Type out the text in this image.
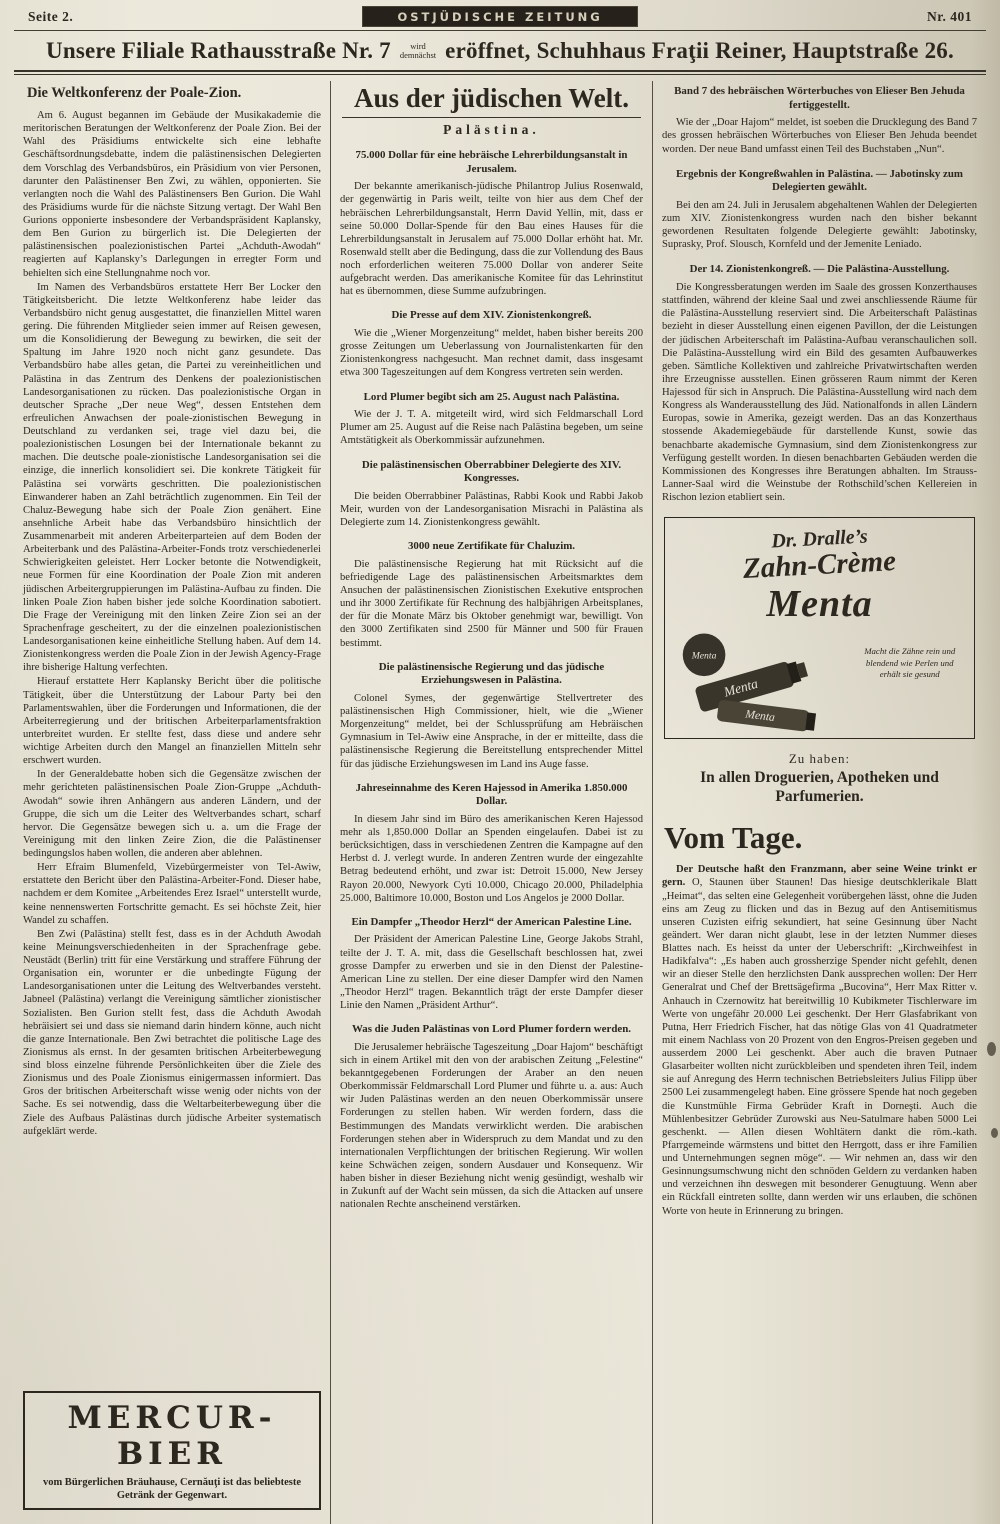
Seite 2.	OSTJÜDISCHE ZEITUNG	Nr. 401
Unsere Filiale Rathausstraße Nr. 7 wird
demnächst eröffnet, Schuhhaus Fraţii Reiner, Hauptstraße 26.
Die Weltkonferenz der Poale-Zion.

Am 6. August begannen im Gebäude der Musikakademie die meritorischen Beratungen der Weltkonferenz der Poale Zion. Bei der Wahl des Präsidiums entwickelte sich eine lebhafte Geschäftsordnungsdebatte, indem die palästinensischen Delegierten dem Vorschlag des Verbandsbüros, ein Präsidium von vier Personen, darunter den Palästinenser Ben Zwi, zu wählen, opponierten. Sie verlangten noch die Wahl des Palästinensers Ben Gurion. Die Wahl des Präsidiums wurde für die nächste Sitzung vertagt. Der Wahl Ben Gurions opponierte insbesondere der Verbandspräsident Kaplansky, dem Ben Gurion zu bürgerlich ist. Die Delegierten der palästinensischen poalezionistischen Partei „Achduth-Awodah“ reagierten auf Kaplansky’s Darlegungen in erregter Form und behielten sich eine Stellungnahme noch vor.

Im Namen des Verbandsbüros erstattete Herr Ber Locker den Tätigkeitsbericht. Die letzte Weltkonferenz habe leider das Verbandsbüro nicht genug ausgestattet, die finanziellen Mittel waren gering. Die führenden Mitglieder seien immer auf Reisen gewesen, um die Konsolidierung der Bewegung zu bewirken, die seit der Spaltung im Jahre 1920 noch nicht ganz gesundete. Das Verbandsbüro habe alles getan, die Partei zu vereinheitlichen und Palästina in das Zentrum des Denkens der poalezionistischen Landesorganisationen zu rücken. Das poalezionistische Organ in deutscher Sprache „Der neue Weg“, dessen Entstehen dem erfreulichen Anwachsen der poale-zionistischen Bewegung in Deutschland zu verdanken sei, trage viel dazu bei, die poalezionistischen Losungen bei der Internationale bekannt zu machen. Die deutsche poale-zionistische Landesorganisation sei die einzige, die innerlich konsolidiert sei. Die konkrete Tätigkeit für Palästina sei vorwärts geschritten. Die poalezionistischen Einwanderer haben an Zahl beträchtlich zugenommen. Ein Teil der Chaluz-Bewegung habe sich der Poale Zion genähert. Eine ansehnliche Arbeit habe das Verbandsbüro hinsichtlich der Zusammenarbeit mit anderen Arbeiterparteien auf dem Boden der Arbeiterbank und des Palästina-Arbeiter-Fonds trotz verschiedenerlei Schwierigkeiten geleistet. Herr Locker betonte die Notwendigkeit, neue Formen für eine Koordination der Poale Zion mit anderen jüdischen Arbeitergruppierungen im Palästina-Aufbau zu finden. Die linken Poale Zion haben bisher jede solche Koordination sabotiert. Die Frage der Vereinigung mit den linken Zeire Zion sei an der Sprachenfrage gescheitert, zu der die einzelnen poalezionistischen Landesorganisationen keine einheitliche Stellung haben. Auf dem 14. Zionistenkongress werden die Poale Zion in der Jewish Agency-Frage ihre bisherige Haltung verfechten.

Hierauf erstattete Herr Kaplansky Bericht über die politische Tätigkeit, über die Unterstützung der Labour Party bei den Parlamentswahlen, über die Forderungen und Informationen, die der Arbeiterregierung und der britischen Arbeiterparlamentsfraktion unterbreitet wurden. Er stellte fest, dass diese und andere sehr wichtige Arbeiten durch den Mangel an finanziellen Mitteln sehr erschwert wurden.

In der Generaldebatte hoben sich die Gegensätze zwischen der mehr gerichteten palästinensischen Poale Zion-Gruppe „Achduth-Awodah“ sowie ihren Anhängern aus anderen Ländern, und der Gruppe, die sich um die Leiter des Weltverbandes schart, scharf hervor. Die Gegensätze bewegen sich u. a. um die Frage der Vereinigung mit den linken Zeire Zion, die die Palästinenser bedingungslos haben wollen, die anderen aber ablehnen.

Herr Efraim Blumenfeld, Vizebürgermeister von Tel-Awiw, erstattete den Bericht über den Palästina-Arbeiter-Fond. Dieser habe, nachdem er dem Komitee „Arbeitendes Erez Israel“ unterstellt wurde, keine nennenswerten Fortschritte gemacht. Es sei höchste Zeit, hier Wandel zu schaffen.

Ben Zwi (Palästina) stellt fest, dass es in der Achduth Awodah keine Meinungsverschiedenheiten in der Sprachenfrage gebe. Neustädt (Berlin) tritt für eine Verstärkung und straffere Führung der Organisation ein, worunter er die unbedingte Fügung der Landesorganisationen unter die Leitung des Weltverbandes versteht. Jabneel (Palästina) verlangt die Vereinigung sämtlicher zionistischer Sozialisten. Ben Gurion stellt fest, dass die Achduth Awodah hebräisiert sei und dass sie niemand darin hindern könne, auch nicht die ganze Internationale. Ben Zwi betrachtet die politische Lage des Zionismus als ernst. In der gesamten britischen Arbeiterbewegung sind bloss einzelne führende Persönlichkeiten über die Ziele des Zionismus und des Poale Zionismus einigermassen informiert. Das Gros der britischen Arbeiterschaft wisse wenig oder nichts von der Sache. Es sei notwendig, dass die Weltarbeiterbewegung über die Ziele des Aufbaus Palästinas durch jüdische Arbeiter systematisch aufgeklärt werde.

MERCUR-BIER
vom Bürgerlichen Bräuhause, Cernăuţi ist das beliebteste Getränk der Gegenwart.
Aus der jüdischen Welt.
Palästina.
75.000 Dollar für eine hebräische Lehrerbildungsanstalt in Jerusalem.

Der bekannte amerikanisch-jüdische Philantrop Julius Rosenwald, der gegenwärtig in Paris weilt, teilte von hier aus dem Chef der hebräischen Lehrerbildungsanstalt, Herrn David Yellin, mit, dass er seine 50.000 Dollar-Spende für den Bau eines Hauses für die Lehrerbildungsanstalt in Jerusalem auf 75.000 Dollar erhöht hat. Mr. Rosenwald stellt aber die Bedingung, dass die zur Vollendung des Baus noch erforderlichen weiteren 75.000 Dollar von anderer Seite aufgebracht werden. Das amerikanische Komitee für das Lehrinstitut hat es übernommen, diese Summe aufzubringen.

Die Presse auf dem XIV. Zionistenkongreß.

Wie die „Wiener Morgenzeitung“ meldet, haben bisher bereits 200 grosse Zeitungen um Ueberlassung von Journalistenkarten für den Zionistenkongress nachgesucht. Man rechnet damit, dass insgesamt etwa 300 Tageszeitungen auf dem Kongress vertreten sein werden.

Lord Plumer begibt sich am 25. August nach Palästina.

Wie der J. T. A. mitgeteilt wird, wird sich Feldmarschall Lord Plumer am 25. August auf die Reise nach Palästina begeben, um seine Amtstätigkeit als Oberkommissär aufzunehmen.

Die palästinensischen Oberrabbiner Delegierte des XIV. Kongresses.

Die beiden Oberrabbiner Palästinas, Rabbi Kook und Rabbi Jakob Meir, wurden von der Landesorganisation Misrachi in Palästina als Delegierte zum 14. Zionistenkongress gewählt.

3000 neue Zertifikate für Chaluzim.

Die palästinensische Regierung hat mit Rücksicht auf die befriedigende Lage des palästinensischen Arbeitsmarktes dem Ansuchen der palästinensischen Zionistischen Exekutive entsprochen und ihr 3000 Zertifikate für Rechnung des halbjährigen Arbeitsplanes, der für die Monate März bis Oktober genehmigt war, bewilligt. Von den 3000 Zertifikaten sind 2500 für Männer und 500 für Frauen bestimmt.

Die palästinensische Regierung und das jüdische Erziehungswesen in Palästina.

Colonel Symes, der gegenwärtige Stellvertreter des palästinensischen High Commissioner, hielt, wie die „Wiener Morgenzeitung“ meldet, bei der Schlussprüfung am Hebräischen Gymnasium in Tel-Awiw eine Ansprache, in der er mitteilte, dass die palästinensische Regierung die Bereitstellung entsprechender Mittel für das jüdische Erziehungswesen im Land ins Auge fasse.

Jahreseinnahme des Keren Hajessod in Amerika 1.850.000 Dollar.

In diesem Jahr sind im Büro des amerikanischen Keren Hajessod mehr als 1,850.000 Dollar an Spenden eingelaufen. Dabei ist zu berücksichtigen, dass in verschiedenen Zentren die Kampagne auf den Herbst d. J. verlegt wurde. In anderen Zentren wurde der eingezahlte Betrag bedeutend erhöht, und zwar ist: Detroit 15.000, New Jersey Rayon 20.000, Newyork Cyti 10.000, Chicago 20.000, Philadelphia 25.000, Baltimore 10.000, Boston und Los Angelos je 2000 Dollar.

Ein Dampfer „Theodor Herzl“ der American Palestine Line.

Der Präsident der American Palestine Line, George Jakobs Strahl, teilte der J. T. A. mit, dass die Gesellschaft beschlossen hat, zwei grosse Dampfer zu erwerben und sie in den Dienst der Palestine-American Line zu stellen. Der eine dieser Dampfer wird den Namen „Theodor Herzl“ tragen. Bekanntlich trägt der erste Dampfer dieser Linie den Namen „Präsident Arthur“.

Was die Juden Palästinas von Lord Plumer fordern werden.

Die Jerusalemer hebräische Tageszeitung „Doar Hajom“ beschäftigt sich in einem Artikel mit den von der arabischen Zeitung „Felestine“ bekanntgegebenen Forderungen der Araber an den neuen Oberkommissär Feldmarschall Lord Plumer und führte u. a. aus: Auch wir Juden Palästinas werden an den neuen Oberkommissär unsere Forderungen zu stellen haben. Wir werden fordern, dass die Bestimmungen des Mandats verwirklicht werden. Die arabischen Forderungen stehen aber in Widerspruch zu dem Mandat und zu den internationalen Verpflichtungen der britischen Regierung. Wir wollen keine Schwächen zeigen, sondern Ausdauer und Konsequenz. Wir haben bisher in dieser Beziehung nicht wenig gesündigt, weshalb wir in Zukunft auf der Wacht sein müssen, da sich die Attacken auf unsere nationalen Rechte anscheinend verstärken.

Band 7 des hebräischen Wörterbuches von Elieser Ben Jehuda fertiggestellt.

Wie der „Doar Hajom“ meldet, ist soeben die Drucklegung des Band 7 des grossen hebräischen Wörterbuches von Elieser Ben Jehuda beendet worden. Der neue Band umfasst einen Teil des Buchstaben „Nun“.

Ergebnis der Kongreßwahlen in Palästina. — Jabotinsky zum Delegierten gewählt.

Bei den am 24. Juli in Jerusalem abgehaltenen Wahlen der Delegierten zum XIV. Zionistenkongress wurden nach den bisher bekannt gewordenen Resultaten folgende Delegierte gewählt: Jabotinsky, Suprasky, Prof. Slousch, Kornfeld und der Jemenite Leniado.

Der 14. Zionistenkongreß. — Die Palästina-Ausstellung.

Die Kongressberatungen werden im Saale des grossen Konzerthauses stattfinden, während der kleine Saal und zwei anschliessende Räume für die Palästina-Ausstellung reserviert sind. Die Arbeiterschaft Palästinas bezieht in dieser Ausstellung einen eigenen Pavillon, der die Leistungen der jüdischen Arbeiterschaft im Palästina-Aufbau veranschaulichen soll. Die Palästina-Ausstellung wird ein Bild des gesamten Aufbauwerkes geben. Sämtliche Kollektiven und zahlreiche Privatwirtschaften werden ihre Erzeugnisse ausstellen. Einen grösseren Raum nimmt der Keren Hajessod für sich in Anspruch. Die Palästina-Ausstellung wird nach dem Kongress als Wanderausstellung des Jüd. Nationalfonds in allen Ländern Europas, sowie in Amerika, gezeigt werden. Das an das Konzerthaus stossende Akademiegebäude für darstellende Kunst, sowie das benachbarte akademische Gymnasium, sind dem Zionistenkongress zur Verfügung gestellt worden. In diesen benachbarten Gebäuden werden die Kommissionen des Kongresses ihre Beratungen abhalten. Im Strauss-Lanner-Saal wird die Weinstube der Rothschild’schen Kellereien in Rischon lezion etabliert sein.

Dr. Dralle’s
Zahn-Crème
Menta
Menta
Menta
Menta
Macht die Zähne rein und blendend wie Perlen und erhält sie gesund
Zu haben:
In allen Droguerien, Apotheken und Parfumerien.
Vom Tage.

Der Deutsche haßt den Franzmann, aber seine Weine trinkt er gern. O, Staunen über Staunen! Das hiesige deutschklerikale Blatt „Heimat“, das selten eine Gelegenheit vorübergehen lässt, ohne die Juden eins am Zeug zu flicken und das in Bezug auf den Antisemitismus unseren Cuzisten eifrig sekundiert, hat seine Gesinnung über Nacht geändert. Wer daran nicht glaubt, lese in der letzten Nummer dieses Blattes nach. Es heisst da unter der Ueberschrift: „Kirchweihfest in Hadikfalva“: „Es haben auch grossherzige Spender nicht gefehlt, denen wir an dieser Stelle den herzlichsten Dank aussprechen wollen: Der Herr Generalrat und Chef der Brettsägefirma „Bucovina“, Herr Max Ritter v. Anhauch in Czernowitz hat bereitwillig 10 Kubikmeter Tischlerware im Werte von ungefähr 20.000 Lei geschenkt. Der Herr Glasfabrikant von Putna, Herr Friedrich Fischer, hat das nötige Glas von 41 Quadratmeter mit einem Nachlass von 20 Prozent von den Engros-Preisen gegeben und ausserdem 2000 Lei geschenkt. Aber auch die braven Putnaer Glasarbeiter wollten nicht zurückbleiben und spendeten ihren Teil, indem sie auf Anregung des Herrn technischen Betriebsleiters Julius Filipp über 2500 Lei zusammengelegt haben. Eine grössere Spende hat noch gegeben die Kunstmühle Firma Gebrüder Kraft in Dorneşti. Auch die Mühlenbesitzer Gebrüder Zurowski aus Neu-Satulmare haben 5000 Lei geschenkt. — Allen diesen Wohltätern dankt die röm.-kath. Pfarrgemeinde wärmstens und bittet den Herrgott, dass er ihre Familien und Unternehmungen segnen möge“. — Wir nehmen an, dass wir den Gesinnungsumschwung nicht den schnöden Geldern zu verdanken haben und verzeichnen ihn deswegen mit besonderer Genugtuung. Wenn aber ein Rückfall eintreten sollte, dann werden wir uns erlauben, die schönen Worte von heute in Erinnerung zu bringen.
